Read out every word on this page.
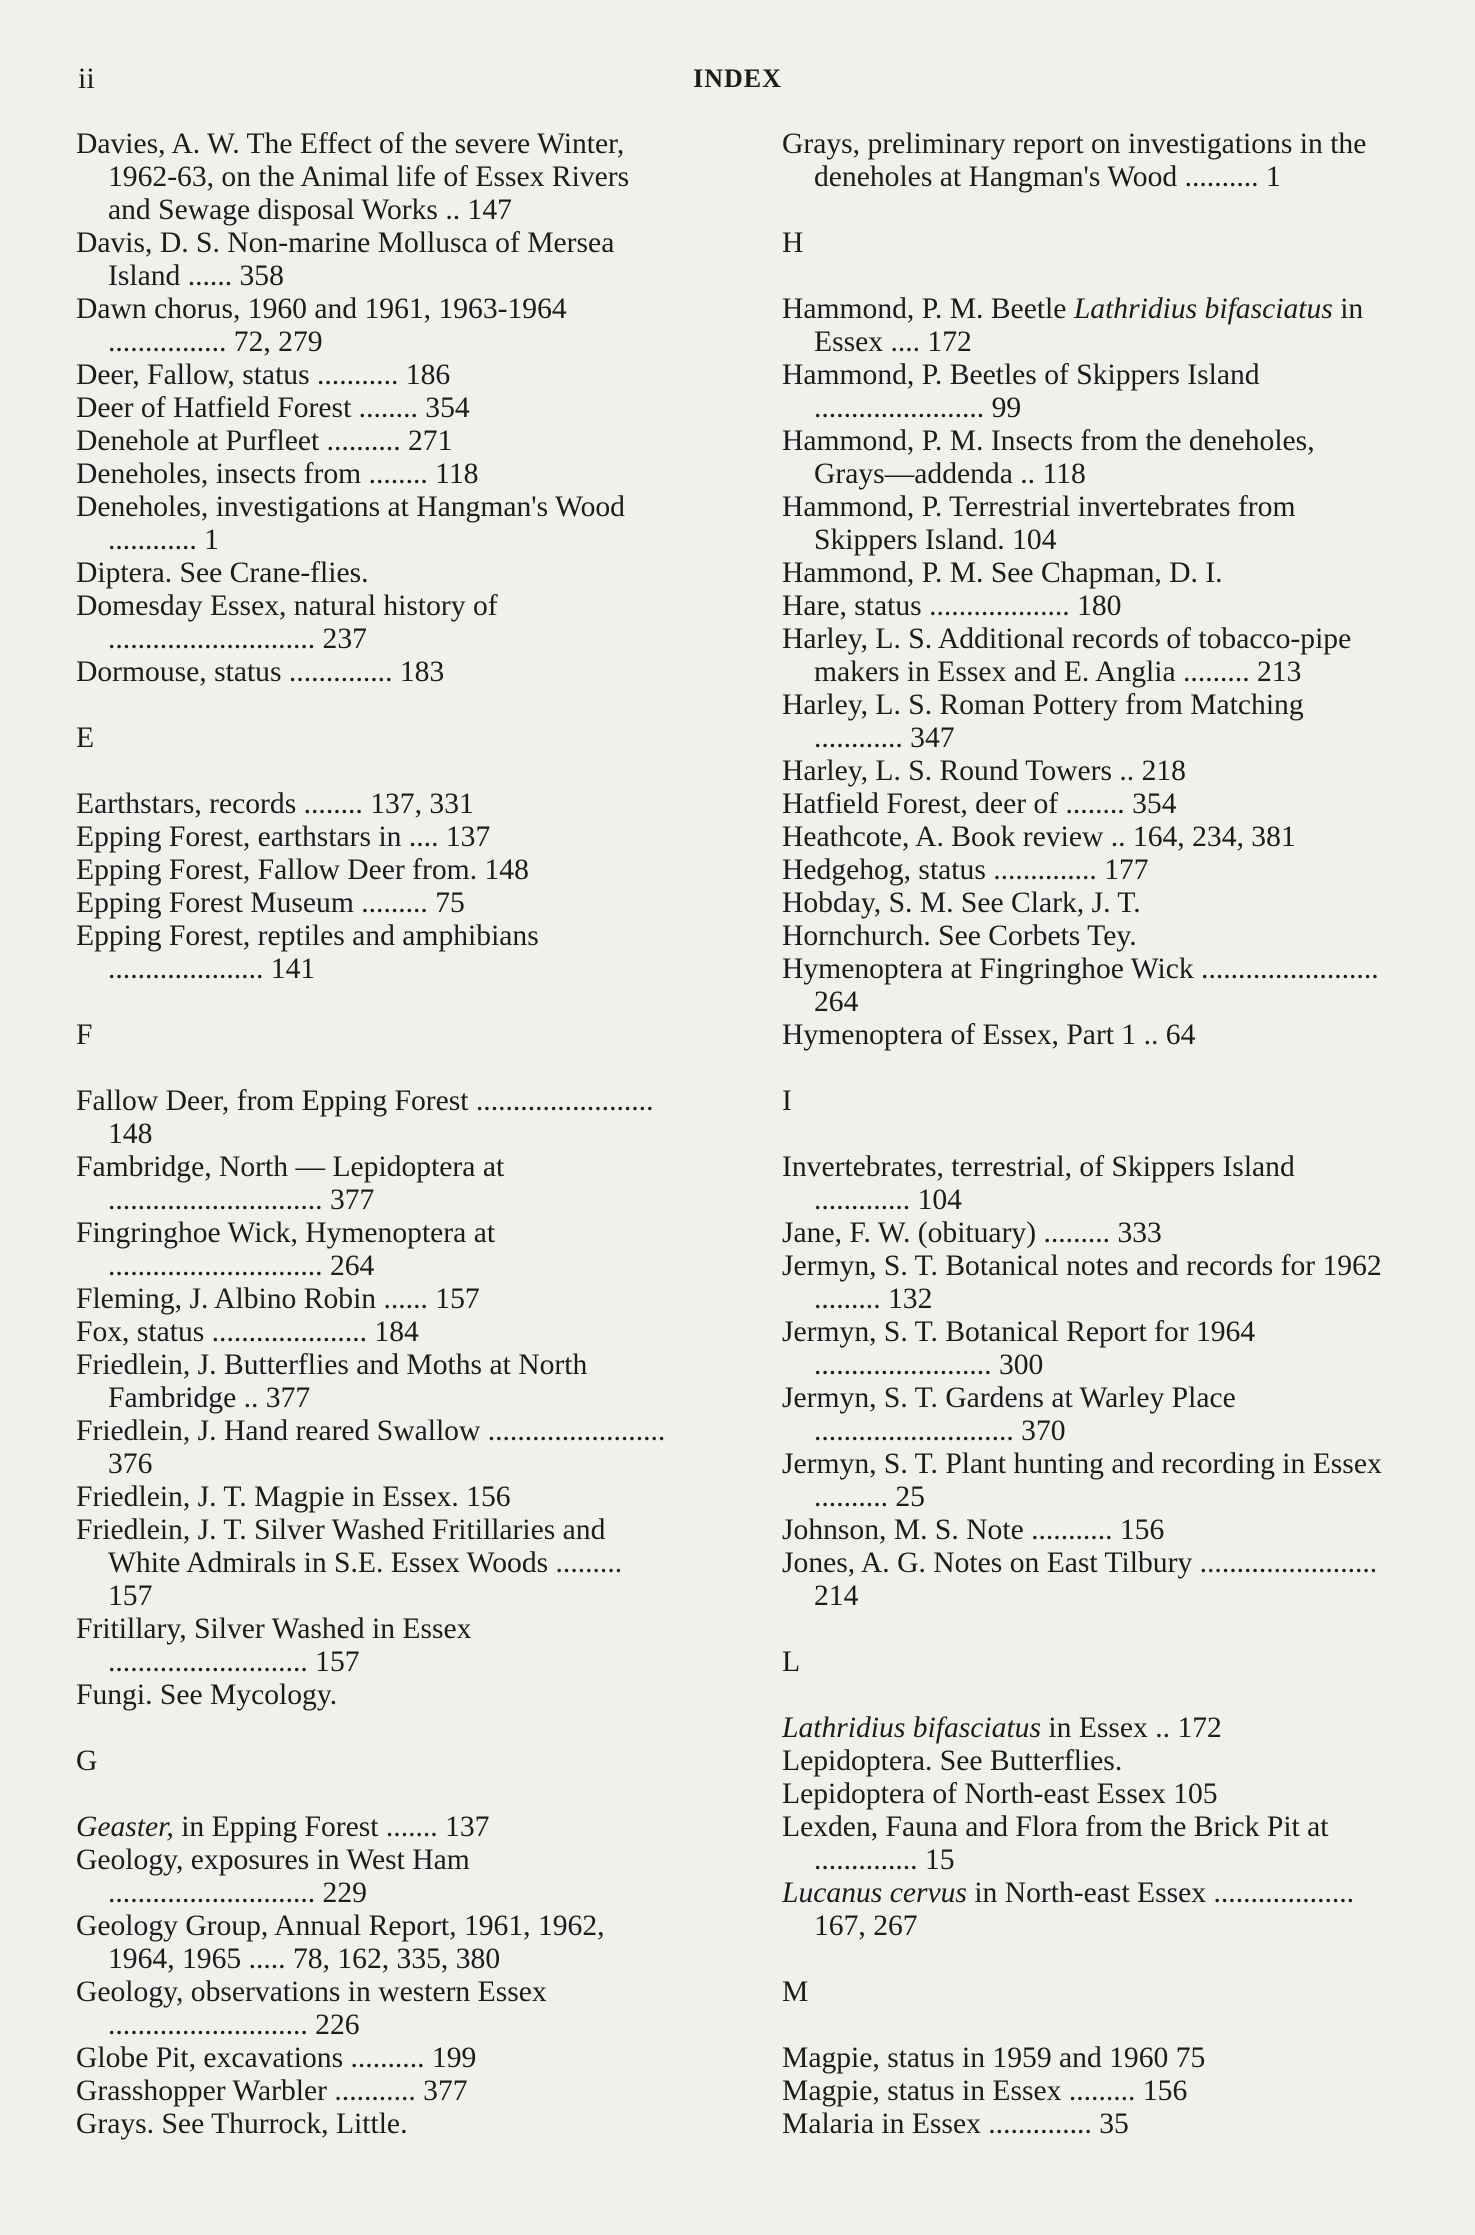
ii	INDEX
Davies, A. W. The Effect of the severe Winter, 1962-63, on the Animal life of Essex Rivers and Sewage disposal Works .. 147
Davis, D. S. Non-marine Mollusca of Mersea Island ...... 358
Dawn chorus, 1960 and 1961, 1963-1964 ................ 72, 279
Deer, Fallow, status ........... 186
Deer of Hatfield Forest ........ 354
Denehole at Purfleet .......... 271
Deneholes, insects from ........ 118
Deneholes, investigations at Hangman's Wood ............ 1
Diptera. See Crane-flies.
Domesday Essex, natural history of ............................ 237
Dormouse, status .............. 183
E
Earthstars, records ........ 137, 331
Epping Forest, earthstars in .... 137
Epping Forest, Fallow Deer from. 148
Epping Forest Museum ......... 75
Epping Forest, reptiles and amphibians ..................... 141
F
Fallow Deer, from Epping Forest ........................ 148
Fambridge, North — Lepidoptera at ............................. 377
Fingringhoe Wick, Hymenoptera at ............................. 264
Fleming, J. Albino Robin ...... 157
Fox, status ..................... 184
Friedlein, J. Butterflies and Moths at North Fambridge .. 377
Friedlein, J. Hand reared Swallow ........................ 376
Friedlein, J. T. Magpie in Essex. 156
Friedlein, J. T. Silver Washed Fritillaries and White Admirals in S.E. Essex Woods ......... 157
Fritillary, Silver Washed in Essex ........................... 157
Fungi. See Mycology.
G
Geaster, in Epping Forest ....... 137
Geology, exposures in West Ham ............................ 229
Geology Group, Annual Report, 1961, 1962, 1964, 1965 ..... 78, 162, 335, 380
Geology, observations in western Essex ........................... 226
Globe Pit, excavations .......... 199
Grasshopper Warbler ........... 377
Grays. See Thurrock, Little.
Grays, preliminary report on investigations in the deneholes at Hangman's Wood .......... 1
H
Hammond, P. M. Beetle Lathridius bifasciatus in Essex .... 172
Hammond, P. Beetles of Skippers Island ....................... 99
Hammond, P. M. Insects from the deneholes, Grays—addenda .. 118
Hammond, P. Terrestrial invertebrates from Skippers Island. 104
Hammond, P. M. See Chapman, D. I.
Hare, status ................... 180
Harley, L. S. Additional records of tobacco-pipe makers in Essex and E. Anglia ......... 213
Harley, L. S. Roman Pottery from Matching ............ 347
Harley, L. S. Round Towers .. 218
Hatfield Forest, deer of ........ 354
Heathcote, A. Book review .. 164, 234, 381
Hedgehog, status .............. 177
Hobday, S. M. See Clark, J. T.
Hornchurch. See Corbets Tey.
Hymenoptera at Fingringhoe Wick ........................ 264
Hymenoptera of Essex, Part 1 .. 64
I
Invertebrates, terrestrial, of Skippers Island ............. 104
Jane, F. W. (obituary) ......... 333
Jermyn, S. T. Botanical notes and records for 1962 ......... 132
Jermyn, S. T. Botanical Report for 1964 ........................ 300
Jermyn, S. T. Gardens at Warley Place ........................... 370
Jermyn, S. T. Plant hunting and recording in Essex .......... 25
Johnson, M. S. Note ........... 156
Jones, A. G. Notes on East Tilbury ........................ 214
L
Lathridius bifasciatus in Essex .. 172
Lepidoptera. See Butterflies.
Lepidoptera of North-east Essex 105
Lexden, Fauna and Flora from the Brick Pit at .............. 15
Lucanus cervus in North-east Essex ................... 167, 267
M
Magpie, status in 1959 and 1960 75
Magpie, status in Essex ......... 156
Malaria in Essex .............. 35
